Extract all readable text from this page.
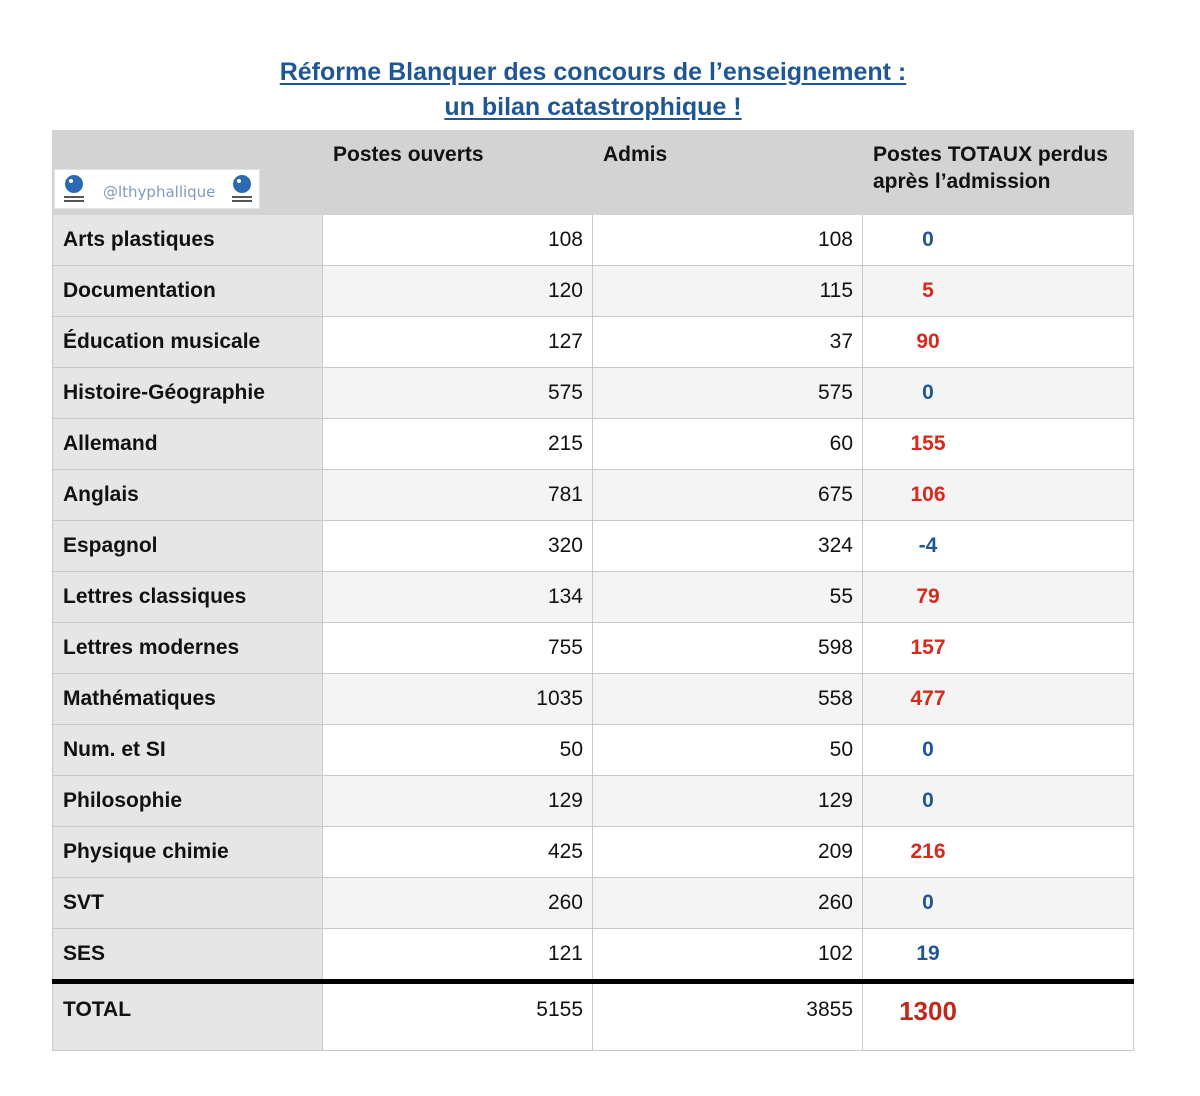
Réforme Blanquer des concours de l’enseignement :
un bilan catastrophique !
@lthyphallique	Postes ouverts	Admis	Postes TOTAUX perdus
après l’admission
Arts plastiques	108	108	0
Documentation	120	115	5
Éducation musicale	127	37	90
Histoire-Géographie	575	575	0
Allemand	215	60	155
Anglais	781	675	106
Espagnol	320	324	-4
Lettres classiques	134	55	79
Lettres modernes	755	598	157
Mathématiques	1035	558	477
Num. et SI	50	50	0
Philosophie	129	129	0
Physique chimie	425	209	216
SVT	260	260	0
SES	121	102	19
TOTAL	5155	3855	1300
